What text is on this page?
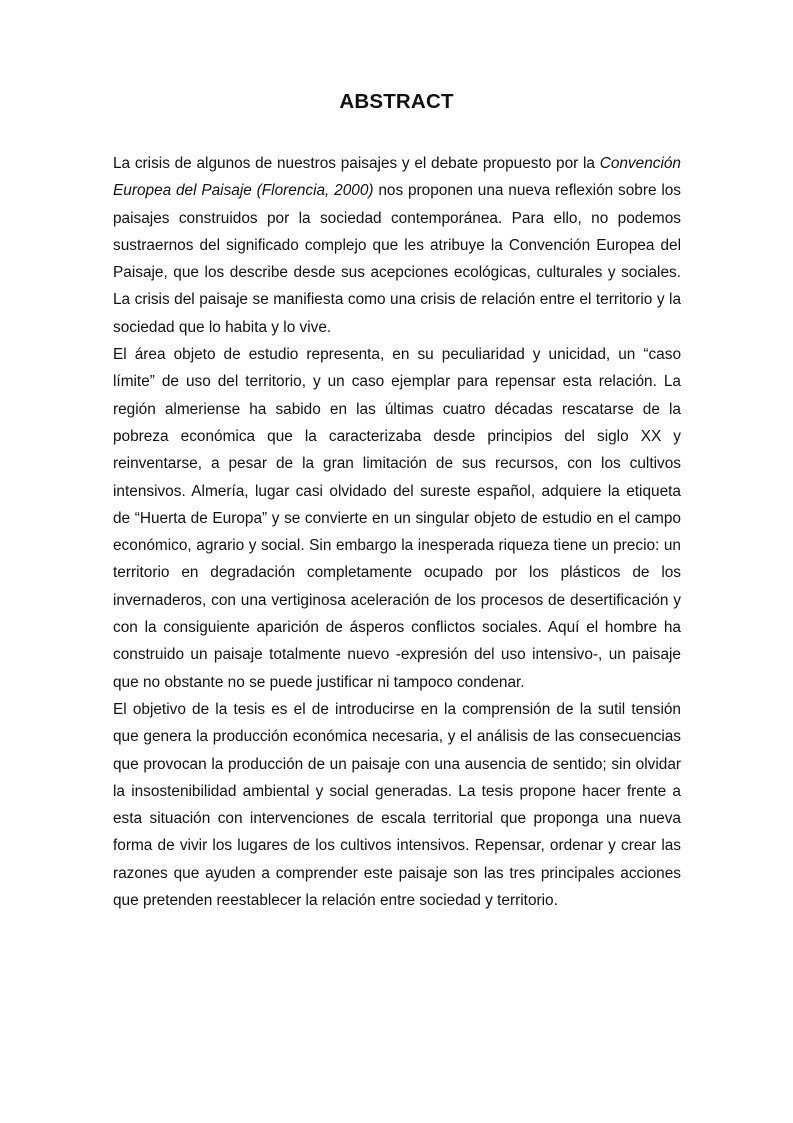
ABSTRACT

La crisis de algunos de nuestros paisajes y el debate propuesto por la Convención Europea del Paisaje (Florencia, 2000) nos proponen una nueva reflexión sobre los paisajes construidos por la sociedad contemporánea. Para ello, no podemos sustraernos del significado complejo que les atribuye la Convención Europea del Paisaje, que los describe desde sus acepciones ecológicas, culturales y sociales. La crisis del paisaje se manifiesta como una crisis de relación entre el territorio y la sociedad que lo habita y lo vive.

El área objeto de estudio representa, en su peculiaridad y unicidad, un “caso límite” de uso del territorio, y un caso ejemplar para repensar esta relación. La región almeriense ha sabido en las últimas cuatro décadas rescatarse de la pobreza económica que la caracterizaba desde principios del siglo XX y reinventarse, a pesar de la gran limitación de sus recursos, con los cultivos intensivos. Almería, lugar casi olvidado del sureste español, adquiere la etiqueta de “Huerta de Europa” y se convierte en un singular objeto de estudio en el campo económico, agrario y social. Sin embargo la inesperada riqueza tiene un precio: un territorio en degradación completamente ocupado por los plásticos de los invernaderos, con una vertiginosa aceleración de los procesos de desertificación y con la consiguiente aparición de ásperos conflictos sociales. Aquí el hombre ha construido un paisaje totalmente nuevo -expresión del uso intensivo-, un paisaje que no obstante no se puede justificar ni tampoco condenar.

El objetivo de la tesis es el de introducirse en la comprensión de la sutil tensión que genera la producción económica necesaria, y el análisis de las consecuencias que provocan la producción de un paisaje con una ausencia de sentido; sin olvidar la insostenibilidad ambiental y social generadas. La tesis propone hacer frente a esta situación con intervenciones de escala territorial que proponga una nueva forma de vivir los lugares de los cultivos intensivos. Repensar, ordenar y crear las razones que ayuden a comprender este paisaje son las tres principales acciones que pretenden reestablecer la relación entre sociedad y territorio.
